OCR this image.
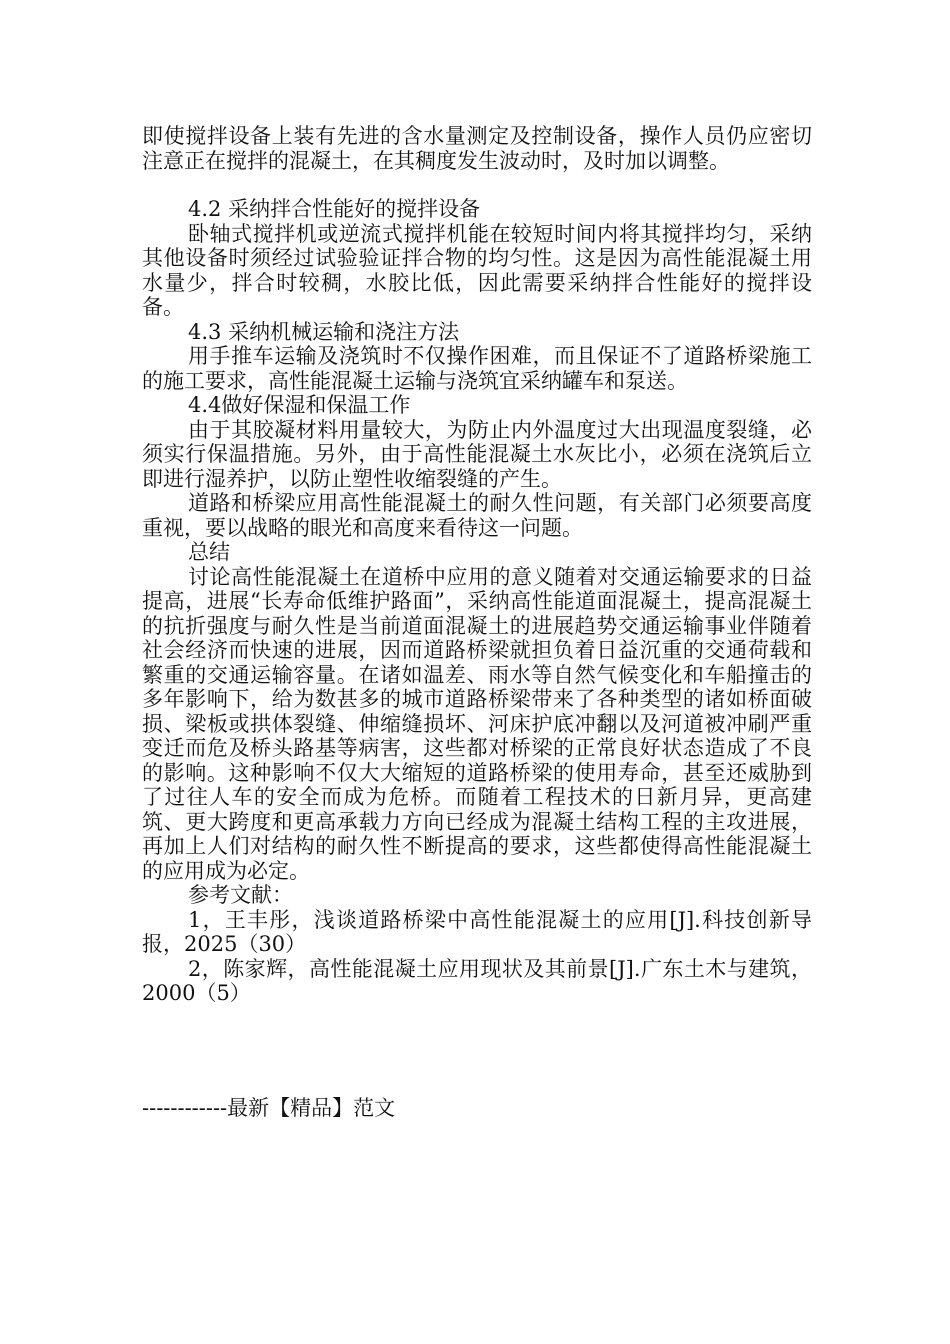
即使搅拌设备上装有先进的含水量测定及控制设备，操作人员仍应密切注意正在搅拌的混凝土，在其稠度发生波动时，及时加以调整。

4.2 采纳拌合性能好的搅拌设备

卧轴式搅拌机或逆流式搅拌机能在较短时间内将其搅拌均匀，采纳其他设备时须经过试验验证拌合物的均匀性。这是因为高性能混凝土用水量少，拌合时较稠，水胶比低，因此需要采纳拌合性能好的搅拌设备。

4.3 采纳机械运输和浇注方法

用手推车运输及浇筑时不仅操作困难，而且保证不了道路桥梁施工的施工要求，高性能混凝土运输与浇筑宜采纳罐车和泵送。

4.4做好保湿和保温工作

由于其胶凝材料用量较大，为防止内外温度过大出现温度裂缝，必须实行保温措施。另外，由于高性能混凝土水灰比小，必须在浇筑后立即进行湿养护，以防止塑性收缩裂缝的产生。

道路和桥梁应用高性能混凝土的耐久性问题，有关部门必须要高度重视，要以战略的眼光和高度来看待这一问题。

总结

讨论高性能混凝土在道桥中应用的意义随着对交通运输要求的日益提高，进展“长寿命低维护路面”，采纳高性能道面混凝土，提高混凝土的抗折强度与耐久性是当前道面混凝土的进展趋势交通运输事业伴随着社会经济而快速的进展，因而道路桥梁就担负着日益沉重的交通荷载和繁重的交通运输容量。在诸如温差、雨水等自然气候变化和车船撞击的多年影响下，给为数甚多的城市道路桥梁带来了各种类型的诸如桥面破损、梁板或拱体裂缝、伸缩缝损坏、河床护底冲翻以及河道被冲刷严重变迁而危及桥头路基等病害，这些都对桥梁的正常良好状态造成了不良的影响。这种影响不仅大大缩短的道路桥梁的使用寿命，甚至还威胁到了过往人车的安全而成为危桥。而随着工程技术的日新月异，更高建筑、更大跨度和更高承载力方向已经成为混凝土结构工程的主攻进展，再加上人们对结构的耐久性不断提高的要求，这些都使得高性能混凝土的应用成为必定。

参考文献：

1，王丰彤，浅谈道路桥梁中高性能混凝土的应用[J].科技创新导报，2025（30）

2，陈家辉，高性能混凝土应用现状及其前景[J].广东土木与建筑，2000（5）

------------最新【精品】范文
